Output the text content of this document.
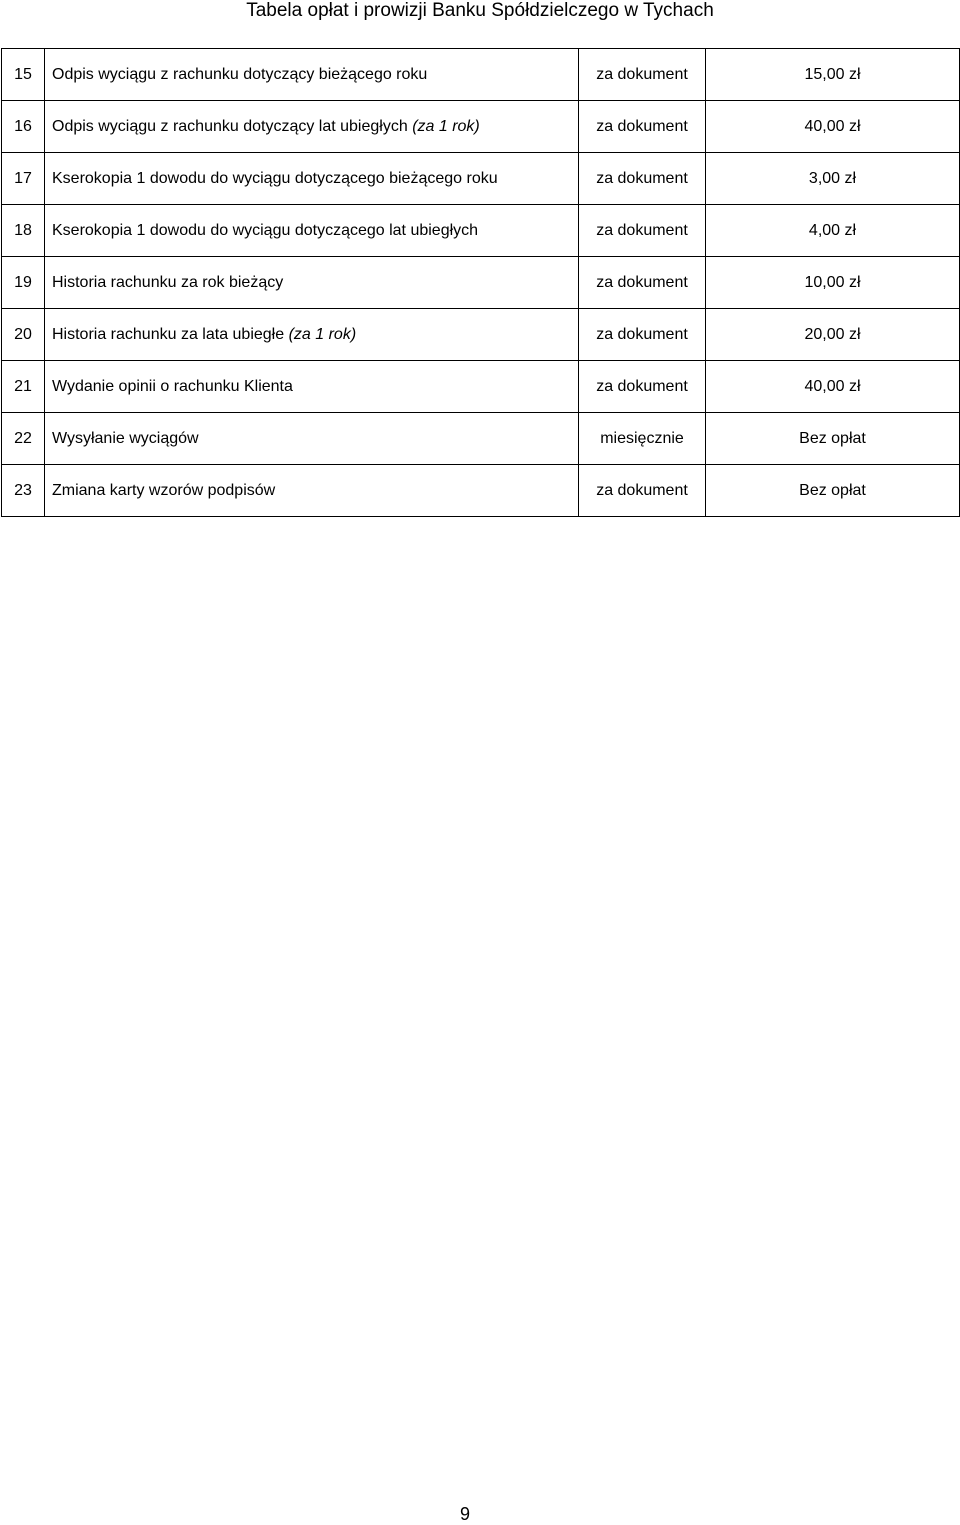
Tabela opłat i prowizji Banku Spółdzielczego w Tychach
15	Odpis wyciągu z rachunku dotyczący bieżącego roku	za dokument	15,00 zł
16	Odpis wyciągu z rachunku dotyczący lat ubiegłych (za 1 rok)	za dokument	40,00 zł
17	Kserokopia 1 dowodu do wyciągu dotyczącego bieżącego roku	za dokument	3,00 zł
18	Kserokopia 1 dowodu do wyciągu dotyczącego lat ubiegłych	za dokument	4,00 zł
19	Historia rachunku za rok bieżący	za dokument	10,00 zł
20	Historia rachunku za lata ubiegłe (za 1 rok)	za dokument	20,00 zł
21	Wydanie opinii o rachunku Klienta	za dokument	40,00 zł
22	Wysyłanie wyciągów	miesięcznie	Bez opłat
23	Zmiana karty wzorów podpisów	za dokument	Bez opłat
9
